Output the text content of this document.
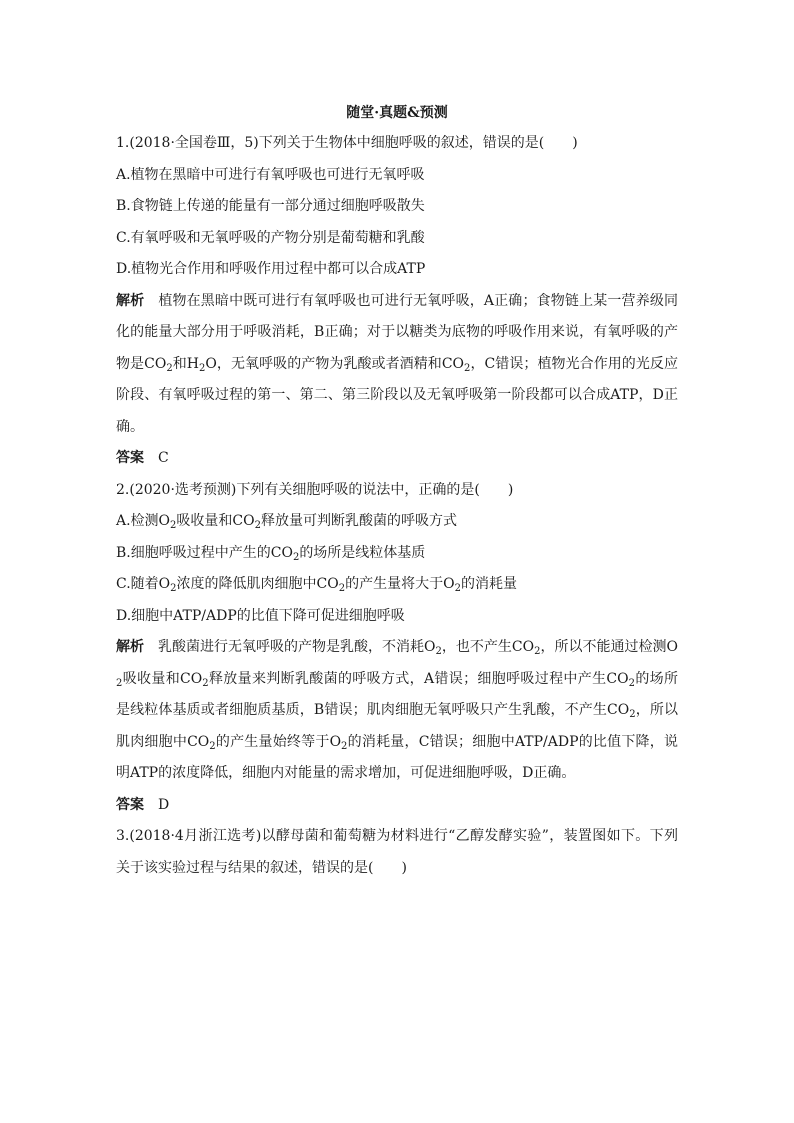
随堂·真题&预测
1.(2018·全国卷Ⅲ，5)下列关于生物体中细胞呼吸的叙述，错误的是(　　)
A.植物在黑暗中可进行有氧呼吸也可进行无氧呼吸
B.食物链上传递的能量有一部分通过细胞呼吸散失
C.有氧呼吸和无氧呼吸的产物分别是葡萄糖和乳酸
D.植物光合作用和呼吸作用过程中都可以合成ATP

解析 植物在黑暗中既可进行有氧呼吸也可进行无氧呼吸，A正确；食物链上某一营养级同化的能量大部分用于呼吸消耗，B正确；对于以糖类为底物的呼吸作用来说，有氧呼吸的产物是$CO_2$和$H_2O$，无氧呼吸的产物为乳酸或者酒精和$CO_2$，C错误；植物光合作用的光反应阶段、有氧呼吸过程的第一、第二、第三阶段以及无氧呼吸第一阶段都可以合成ATP，D正确。

答案 C
2.(2020·选考预测)下列有关细胞呼吸的说法中，正确的是(　　)
A.检测$O_2$吸收量和$CO_2$释放量可判断乳酸菌的呼吸方式
B.细胞呼吸过程中产生的$CO_2$的场所是线粒体基质
C.随着$O_2$浓度的降低肌肉细胞中$CO_2$的产生量将大于$O_2$的消耗量
D.细胞中ATP/ADP的比值下降可促进细胞呼吸

解析 乳酸菌进行无氧呼吸的产物是乳酸，不消耗$O_2$，也不产生$CO_2$，所以不能通过检测$O_2$吸收量和$CO_2$释放量来判断乳酸菌的呼吸方式，A错误；细胞呼吸过程中产生$CO_2$的场所是线粒体基质或者细胞质基质，B错误；肌肉细胞无氧呼吸只产生乳酸，不产生$CO_2$，所以肌肉细胞中$CO_2$的产生量始终等于$O_2$的消耗量，C错误；细胞中ATP/ADP的比值下降，说明ATP的浓度降低，细胞内对能量的需求增加，可促进细胞呼吸，D正确。

答案 D

3.(2018·4月浙江选考)以酵母菌和葡萄糖为材料进行“乙醇发酵实验”，装置图如下。下列关于该实验过程与结果的叙述，错误的是(　　)
